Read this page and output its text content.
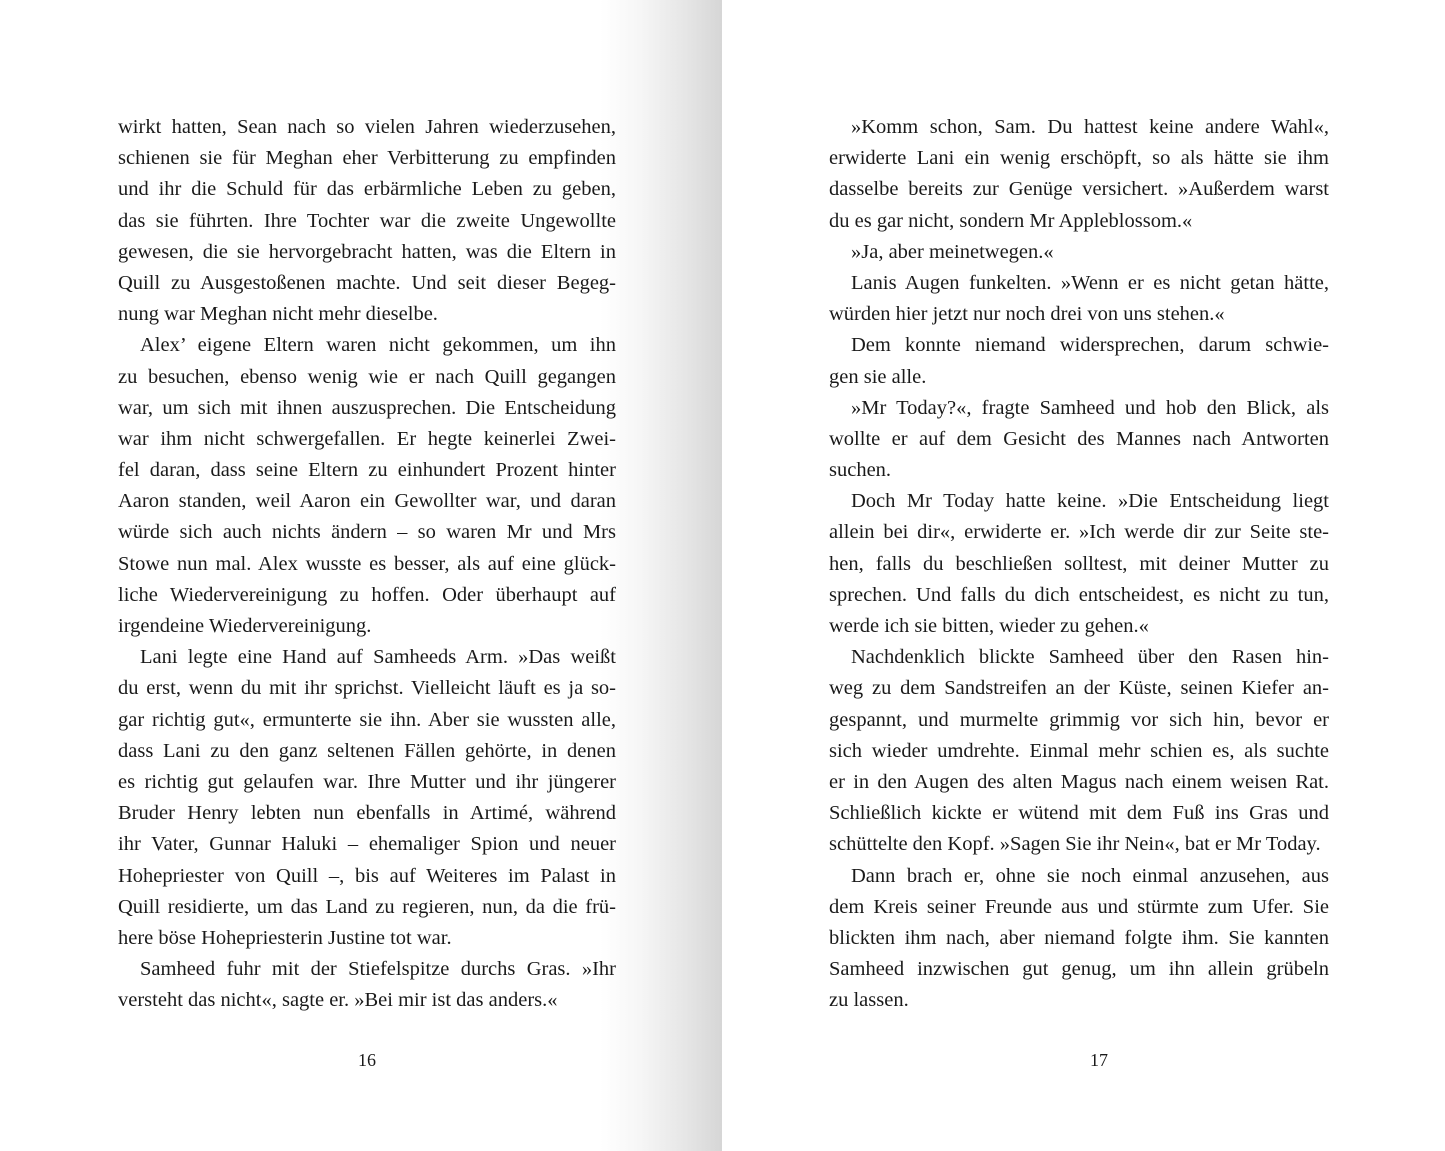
wirkt hatten, Sean nach so vielen Jahren wiederzusehen,
schienen sie für Meghan eher Verbitterung zu empfinden
und ihr die Schuld für das erbärmliche Leben zu geben,
das sie führten. Ihre Tochter war die zweite Ungewollte
gewesen, die sie hervorgebracht hatten, was die Eltern in
Quill zu Ausgestoßenen machte. Und seit dieser Begeg-
nung war Meghan nicht mehr dieselbe.
Alex’ eigene Eltern waren nicht gekommen, um ihn
zu besuchen, ebenso wenig wie er nach Quill gegangen
war, um sich mit ihnen auszusprechen. Die Entscheidung
war ihm nicht schwergefallen. Er hegte keinerlei Zwei-
fel daran, dass seine Eltern zu einhundert Prozent hinter
Aaron standen, weil Aaron ein Gewollter war, und daran
würde sich auch nichts ändern – so waren Mr und Mrs
Stowe nun mal. Alex wusste es besser, als auf eine glück-
liche Wiedervereinigung zu hoffen. Oder überhaupt auf
irgendeine Wiedervereinigung.
Lani legte eine Hand auf Samheeds Arm. »Das weißt
du erst, wenn du mit ihr sprichst. Vielleicht läuft es ja so-
gar richtig gut«, ermunterte sie ihn. Aber sie wussten alle,
dass Lani zu den ganz seltenen Fällen gehörte, in denen
es richtig gut gelaufen war. Ihre Mutter und ihr jüngerer
Bruder Henry lebten nun ebenfalls in Artimé, während
ihr Vater, Gunnar Haluki – ehemaliger Spion und neuer
Hohepriester von Quill –, bis auf Weiteres im Palast in
Quill residierte, um das Land zu regieren, nun, da die frü-
here böse Hohepriesterin Justine tot war.
Samheed fuhr mit der Stiefelspitze durchs Gras. »Ihr
versteht das nicht«, sagte er. »Bei mir ist das anders.«
16
»Komm schon, Sam. Du hattest keine andere Wahl«,
erwiderte Lani ein wenig erschöpft, so als hätte sie ihm
dasselbe bereits zur Genüge versichert. »Außerdem warst
du es gar nicht, sondern Mr Appleblossom.«
»Ja, aber meinetwegen.«
Lanis Augen funkelten. »Wenn er es nicht getan hätte,
würden hier jetzt nur noch drei von uns stehen.«
Dem konnte niemand widersprechen, darum schwie-
gen sie alle.
»Mr Today?«, fragte Samheed und hob den Blick, als
wollte er auf dem Gesicht des Mannes nach Antworten
suchen.
Doch Mr Today hatte keine. »Die Entscheidung liegt
allein bei dir«, erwiderte er. »Ich werde dir zur Seite ste-
hen, falls du beschließen solltest, mit deiner Mutter zu
sprechen. Und falls du dich entscheidest, es nicht zu tun,
werde ich sie bitten, wieder zu gehen.«
Nachdenklich blickte Samheed über den Rasen hin-
weg zu dem Sandstreifen an der Küste, seinen Kiefer an-
gespannt, und murmelte grimmig vor sich hin, bevor er
sich wieder umdrehte. Einmal mehr schien es, als suchte
er in den Augen des alten Magus nach einem weisen Rat.
Schließlich kickte er wütend mit dem Fuß ins Gras und
schüttelte den Kopf. »Sagen Sie ihr Nein«, bat er Mr Today.
Dann brach er, ohne sie noch einmal anzusehen, aus
dem Kreis seiner Freunde aus und stürmte zum Ufer. Sie
blickten ihm nach, aber niemand folgte ihm. Sie kannten
Samheed inzwischen gut genug, um ihn allein grübeln
zu lassen.
17
